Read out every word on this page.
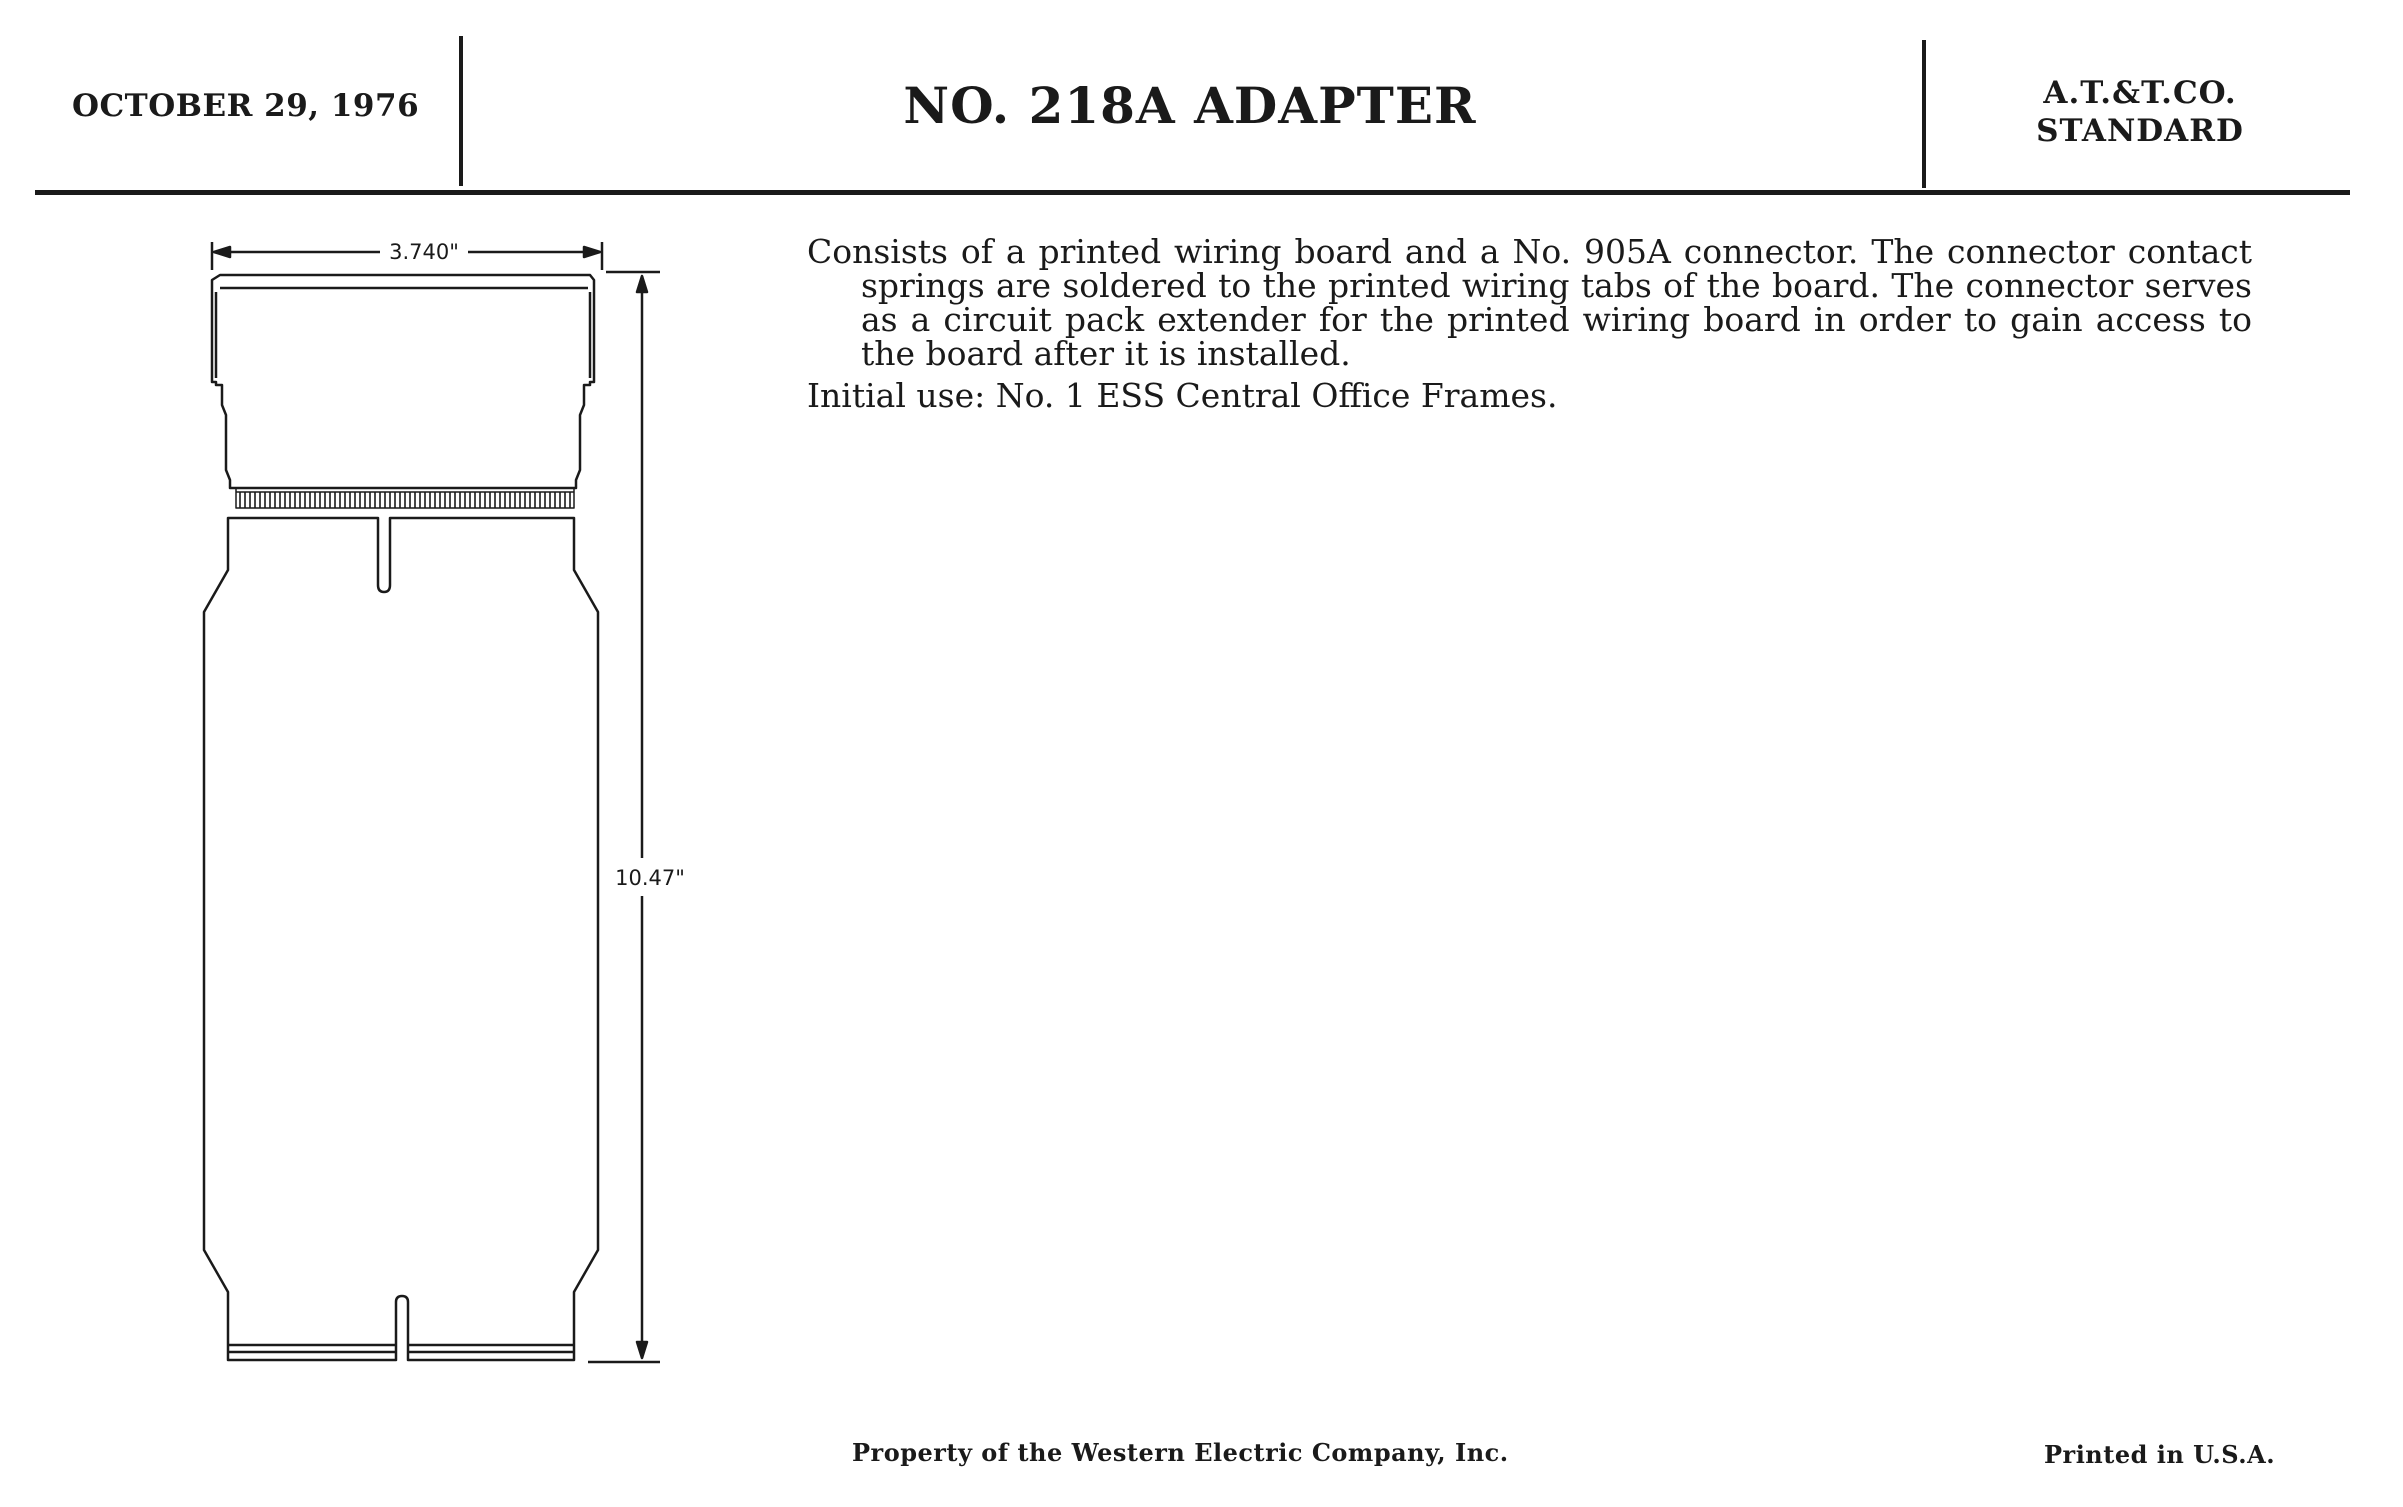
OCTOBER 29, 1976	NO. 218A ADAPTER	A.T.&T.CO.
STANDARD
3.740"
10.47"

Consists of a printed wiring board and a No. 905A connector. The connector contact springs are soldered to the printed wiring tabs of the board. The connector serves as a circuit pack extender for the printed wiring board in order to gain access to the board after it is installed.

Initial use: No. 1 ESS Central Office Frames.

Property of the Western Electric Company, Inc.	Printed in U.S.A.
